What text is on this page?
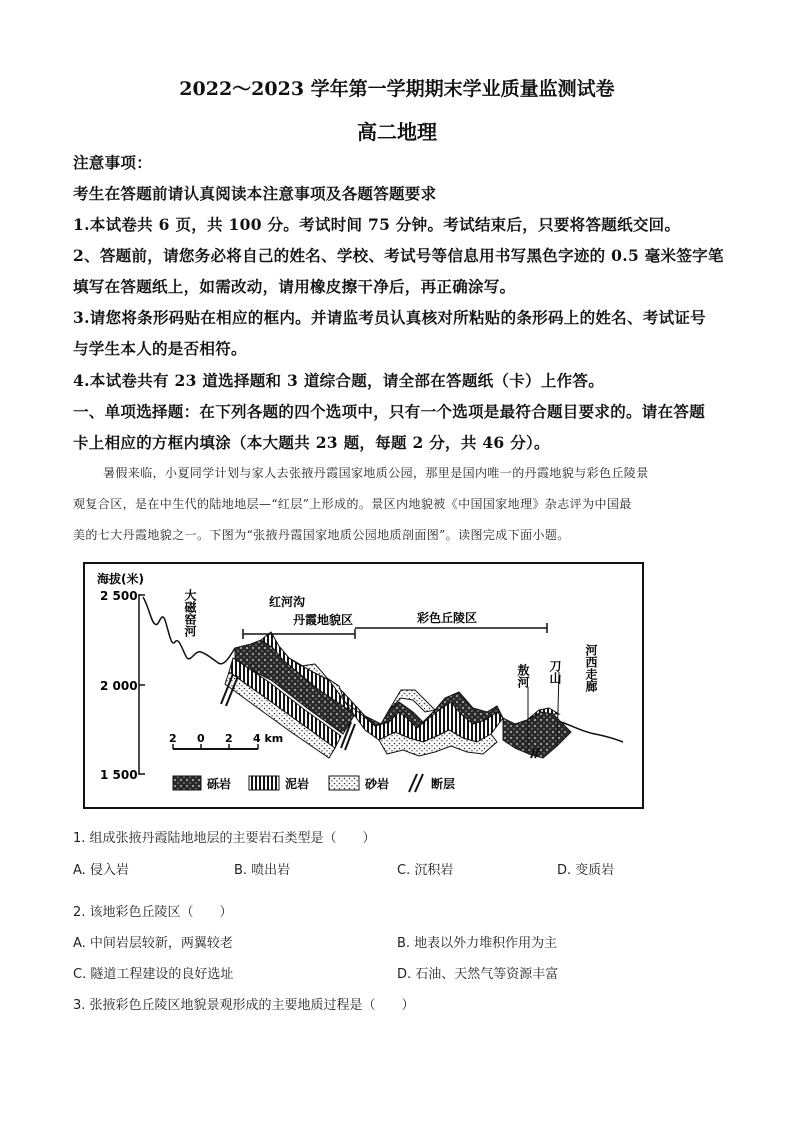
2022～2023 学年第一学期期末学业质量监测试卷
高二地理
注意事项：
考生在答题前请认真阅读本注意事项及各题答题要求
1.本试卷共 6 页，共 100 分。考试时间 75 分钟。考试结束后，只要将答题纸交回。
2、答题前，请您务必将自己的姓名、学校、考试号等信息用书写黑色字迹的 0.5 毫米签字笔
填写在答题纸上，如需改动，请用橡皮擦干净后，再正确涂写。
3.请您将条形码贴在相应的框内。并请监考员认真核对所粘贴的条形码上的姓名、考试证号
与学生本人的是否相符。
4.本试卷共有 23 道选择题和 3 道综合题，请全部在答题纸（卡）上作答。
一、单项选择题：在下列各题的四个选项中，只有一个选项是最符合题目要求的。请在答题
卡上相应的方框内填涂（本大题共 23 题，每题 2 分，共 46 分）。
暑假来临，小夏同学计划与家人去张掖丹霞国家地质公园，那里是国内唯一的丹霞地貌与彩色丘陵景
观复合区，是在中生代的陆地地层—“红层”上形成的。景区内地貌被《中国国家地理》杂志评为中国最
美的七大丹霞地貌之一。下图为“张掖丹霞国家地质公园地质剖面图”。读图完成下面小题。
海拔(米)
2 500
2 000
1 500
大磁窑河	红河沟
丹霞地貌区	彩色丘陵区
敖河 刀山 河西走廊
2 0 2 4 km
砾岩	泥岩	砂岩	断层
1. 组成张掖丹霞陆地地层的主要岩石类型是（　　）
A. 侵入岩	B. 喷出岩	C. 沉积岩	D. 变质岩
2. 该地彩色丘陵区（　　）
A. 中间岩层较新，两翼较老	B. 地表以外力堆积作用为主
C. 隧道工程建设的良好选址	D. 石油、天然气等资源丰富
3. 张掖彩色丘陵区地貌景观形成的主要地质过程是（　　）
